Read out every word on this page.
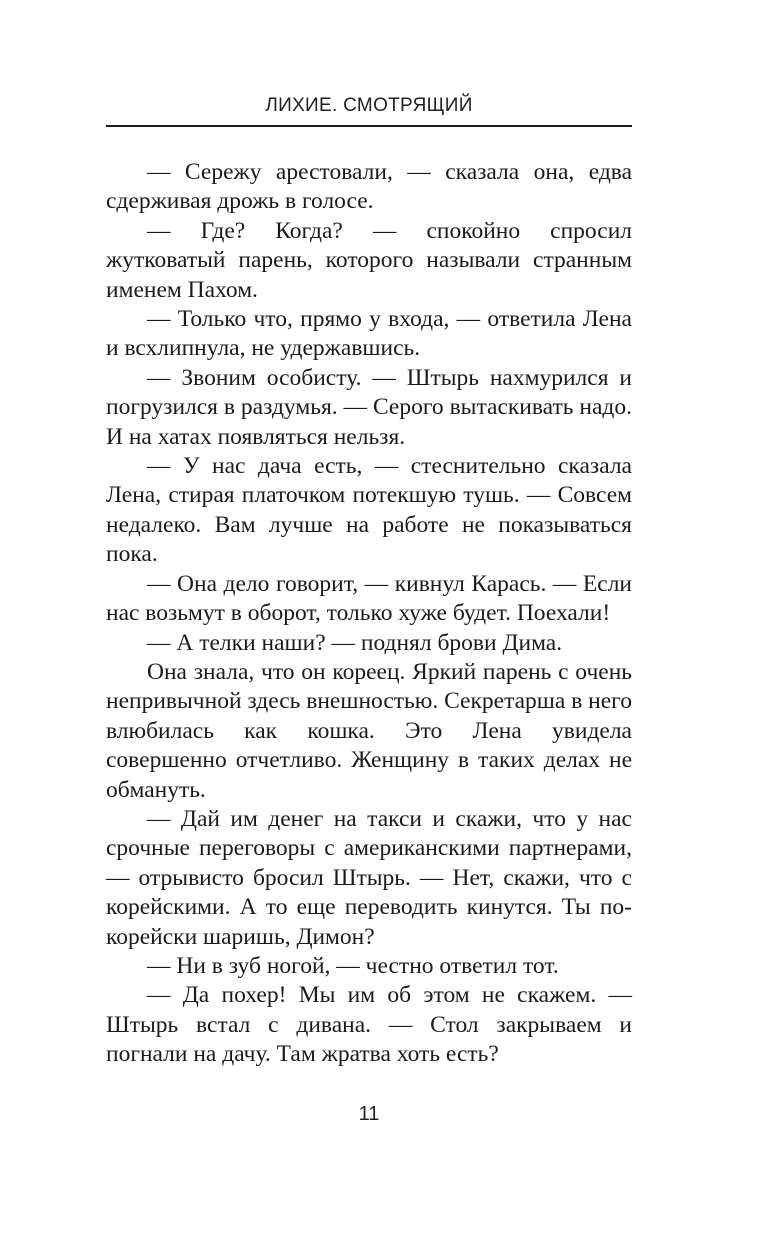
ЛИХИЕ. СМОТРЯЩИЙ

— Сережу арестовали, — сказала она, едва сдерживая дрожь в голосе.

— Где? Когда? — спокойно спросил жутковатый парень, которого называли странным именем Пахом.

— Только что, прямо у входа, — ответила Лена и всхлипнула, не удержавшись.

— Звоним особисту. — Штырь нахмурился и погрузился в раздумья. — Серого вытаскивать надо. И на хатах появляться нельзя.

— У нас дача есть, — стеснительно сказала Лена, стирая платочком потекшую тушь. — Совсем недалеко. Вам лучше на работе не показываться пока.

— Она дело говорит, — кивнул Карась. — Если нас возьмут в оборот, только хуже будет. Поехали!

— А телки наши? — поднял брови Дима.

Она знала, что он кореец. Яркий парень с очень непривычной здесь внешностью. Секретарша в него влюбилась как кошка. Это Лена увидела совершенно отчетливо. Женщину в таких делах не обмануть.

— Дай им денег на такси и скажи, что у нас срочные переговоры с американскими партнерами, — отрывисто бросил Штырь. — Нет, скажи, что с корейскими. А то еще переводить кинутся. Ты по-корейски шаришь, Димон?

— Ни в зуб ногой, — честно ответил тот.

— Да похер! Мы им об этом не скажем. — Штырь встал с дивана. — Стол закрываем и погнали на дачу. Там жратва хоть есть?

11
